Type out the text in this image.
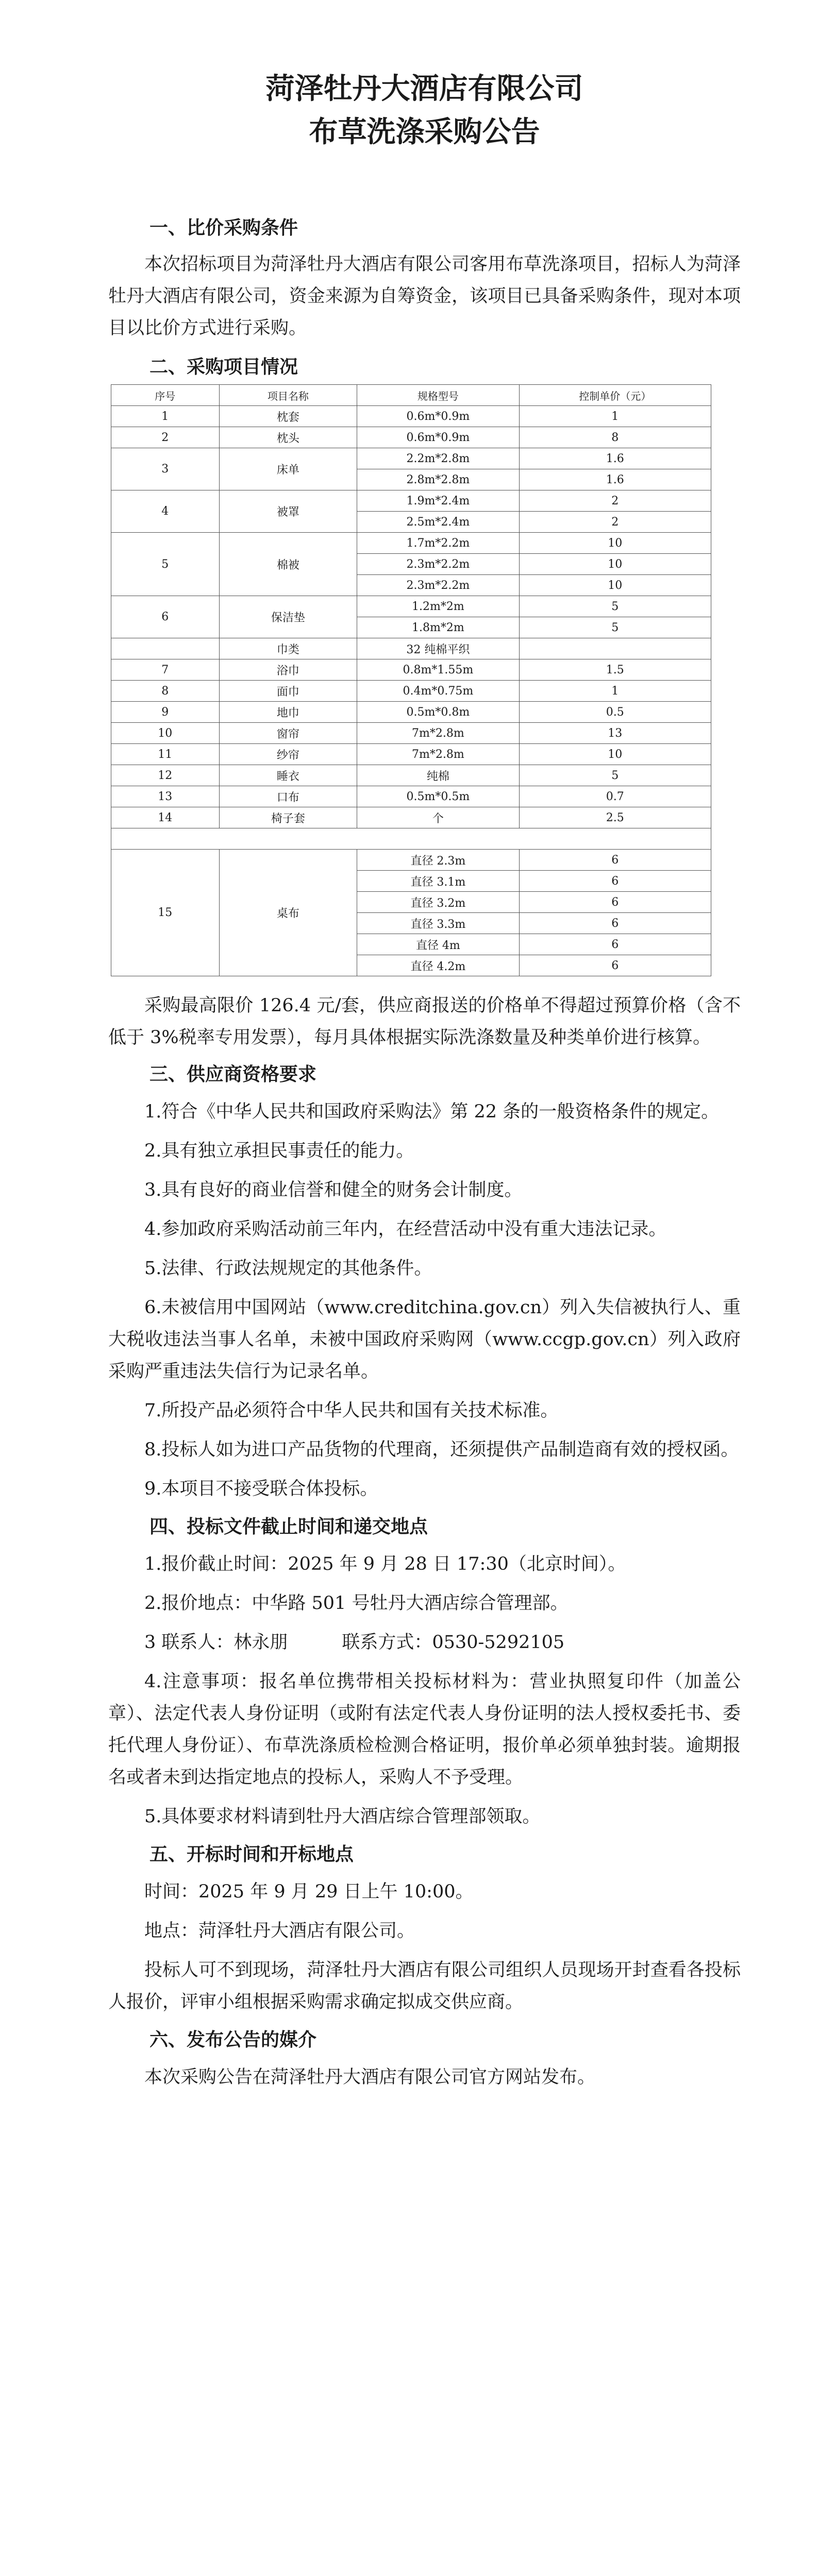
菏泽牡丹大酒店有限公司
布草洗涤采购公告
一、比价采购条件

本次招标项目为菏泽牡丹大酒店有限公司客用布草洗涤项目，招标人为菏泽牡丹大酒店有限公司，资金来源为自筹资金，该项目已具备采购条件，现对本项目以比价方式进行采购。

二、采购项目情况
序号	项目名称	规格型号	控制单价（元）
1	枕套	0.6m*0.9m	1
2	枕头	0.6m*0.9m	8
3	床单	2.2m*2.8m	1.6
		2.8m*2.8m	1.6
4	被罩	1.9m*2.4m	2
		2.5m*2.4m	2
5	棉被	1.7m*2.2m	10
		2.3m*2.2m	10
		2.3m*2.2m	10
6	保洁垫	1.2m*2m	5
		1.8m*2m	5
	巾类	32 纯棉平织	
7	浴巾	0.8m*1.55m	1.5
8	面巾	0.4m*0.75m	1
9	地巾	0.5m*0.8m	0.5
10	窗帘	7m*2.8m	13
11	纱帘	7m*2.8m	10
12	睡衣	纯棉	5
13	口布	0.5m*0.5m	0.7
14	椅子套	个	2.5

15	桌布	直径 2.3m	6
		直径 3.1m	6
		直径 3.2m	6
		直径 3.3m	6
		直径 4m	6
		直径 4.2m	6

采购最高限价 126.4 元/套，供应商报送的价格单不得超过预算价格（含不低于 3%税率专用发票），每月具体根据实际洗涤数量及种类单价进行核算。

三、供应商资格要求

1.符合《中华人民共和国政府采购法》第 22 条的一般资格条件的规定。

2.具有独立承担民事责任的能力。

3.具有良好的商业信誉和健全的财务会计制度。

4.参加政府采购活动前三年内，在经营活动中没有重大违法记录。

5.法律、行政法规规定的其他条件。

6.未被信用中国网站（www.creditchina.gov.cn）列入失信被执行人、重大税收违法当事人名单，未被中国政府采购网（www.ccgp.gov.cn）列入政府采购严重违法失信行为记录名单。

7.所投产品必须符合中华人民共和国有关技术标准。

8.投标人如为进口产品货物的代理商，还须提供产品制造商有效的授权函。

9.本项目不接受联合体投标。

四、投标文件截止时间和递交地点

1.报价截止时间：2025 年 9 月 28 日 17:30（北京时间）。

2.报价地点：中华路 501 号牡丹大酒店综合管理部。

3 联系人：林永朋　　　联系方式：0530-5292105

4.注意事项：报名单位携带相关投标材料为：营业执照复印件（加盖公章）、法定代表人身份证明（或附有法定代表人身份证明的法人授权委托书、委托代理人身份证）、布草洗涤质检检测合格证明，报价单必须单独封装。逾期报名或者未到达指定地点的投标人，采购人不予受理。

5.具体要求材料请到牡丹大酒店综合管理部领取。

五、开标时间和开标地点

时间：2025 年 9 月 29 日上午 10:00。

地点：菏泽牡丹大酒店有限公司。

投标人可不到现场，菏泽牡丹大酒店有限公司组织人员现场开封查看各投标人报价，评审小组根据采购需求确定拟成交供应商。

六、发布公告的媒介

本次采购公告在菏泽牡丹大酒店有限公司官方网站发布。
